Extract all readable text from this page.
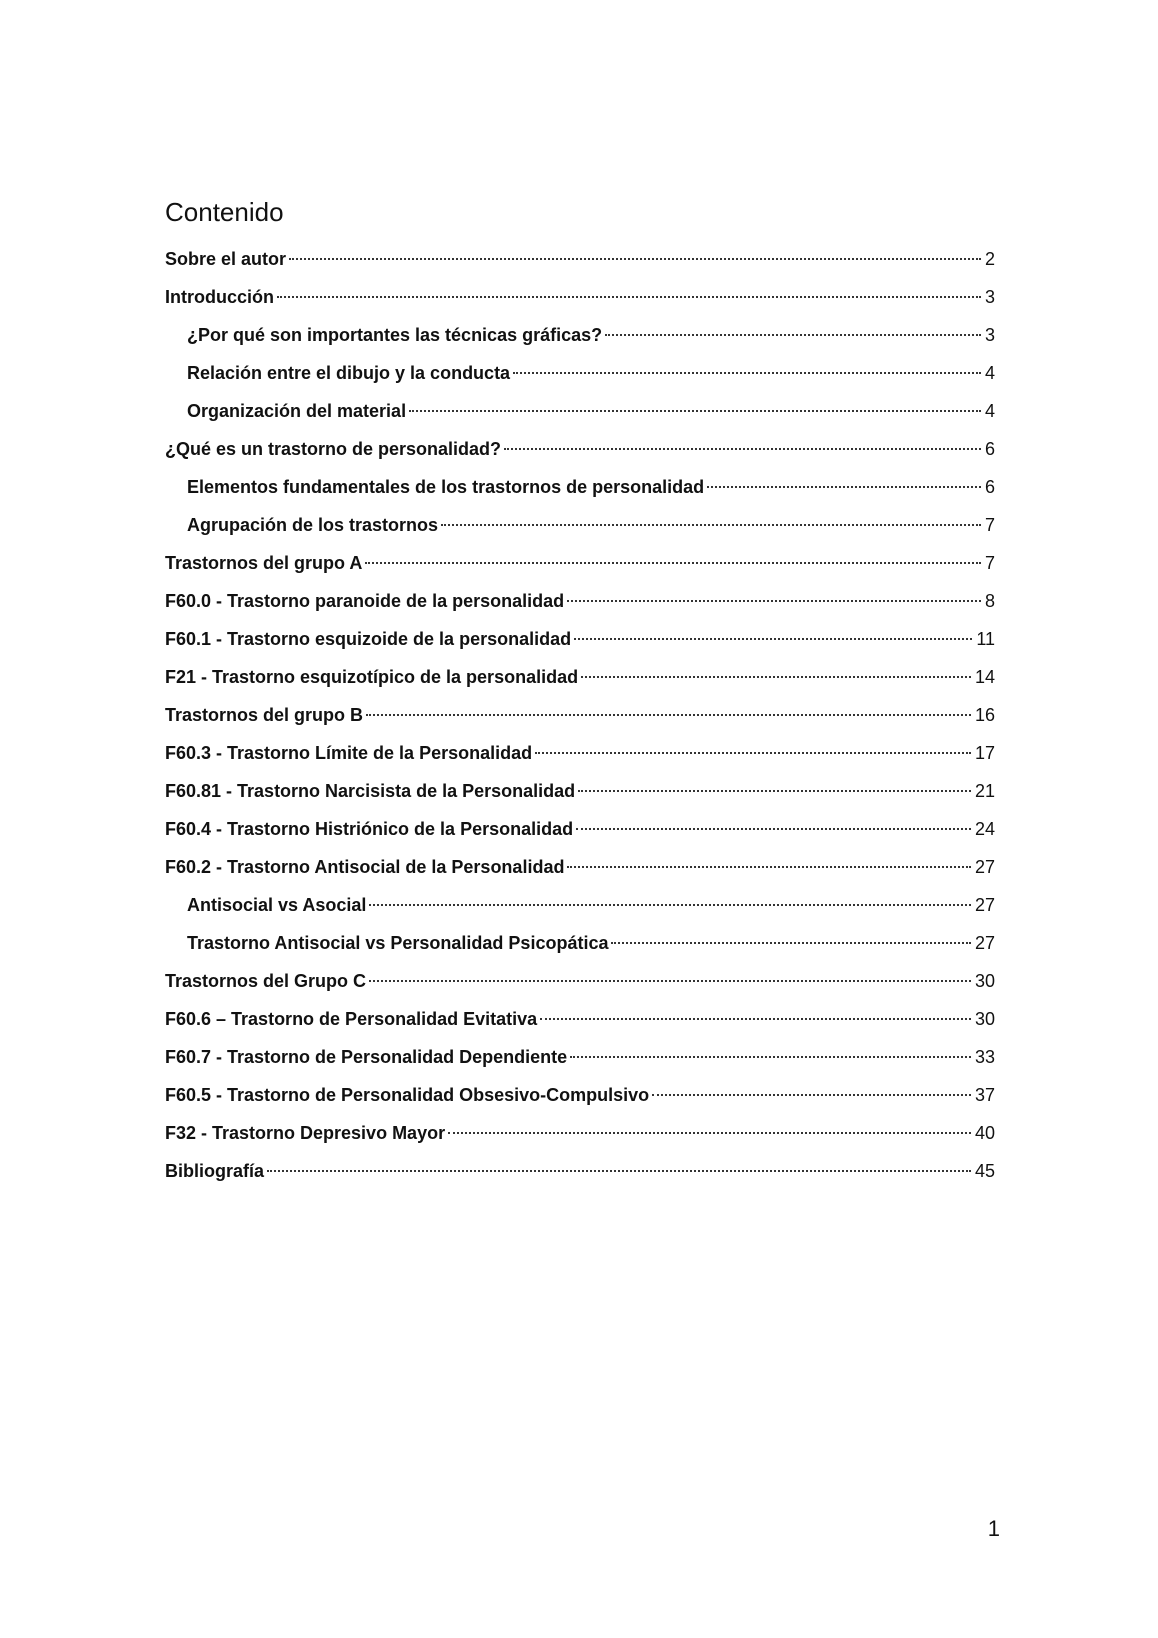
Contenido
Sobre el autor	2
Introducción	3
¿Por qué son importantes las técnicas gráficas?	3
Relación entre el dibujo y la conducta	4
Organización del material	4
¿Qué es un trastorno de personalidad?	6
Elementos fundamentales de los trastornos de personalidad	6
Agrupación de los trastornos	7
Trastornos del grupo A	7
F60.0 - Trastorno paranoide de la personalidad	8
F60.1 - Trastorno esquizoide de la personalidad	11
F21 - Trastorno esquizotípico de la personalidad	14
Trastornos del grupo B	16
F60.3 - Trastorno Límite de la Personalidad	17
F60.81 - Trastorno Narcisista de la Personalidad	21
F60.4 - Trastorno Histriónico de la Personalidad	24
F60.2 - Trastorno Antisocial de la Personalidad	27
Antisocial vs Asocial	27
Trastorno Antisocial vs Personalidad Psicopática	27
Trastornos del Grupo C	30
F60.6 – Trastorno de Personalidad Evitativa	30
F60.7 - Trastorno de Personalidad Dependiente	33
F60.5 - Trastorno de Personalidad Obsesivo-Compulsivo	37
F32 - Trastorno Depresivo Mayor	40
Bibliografía	45
1
